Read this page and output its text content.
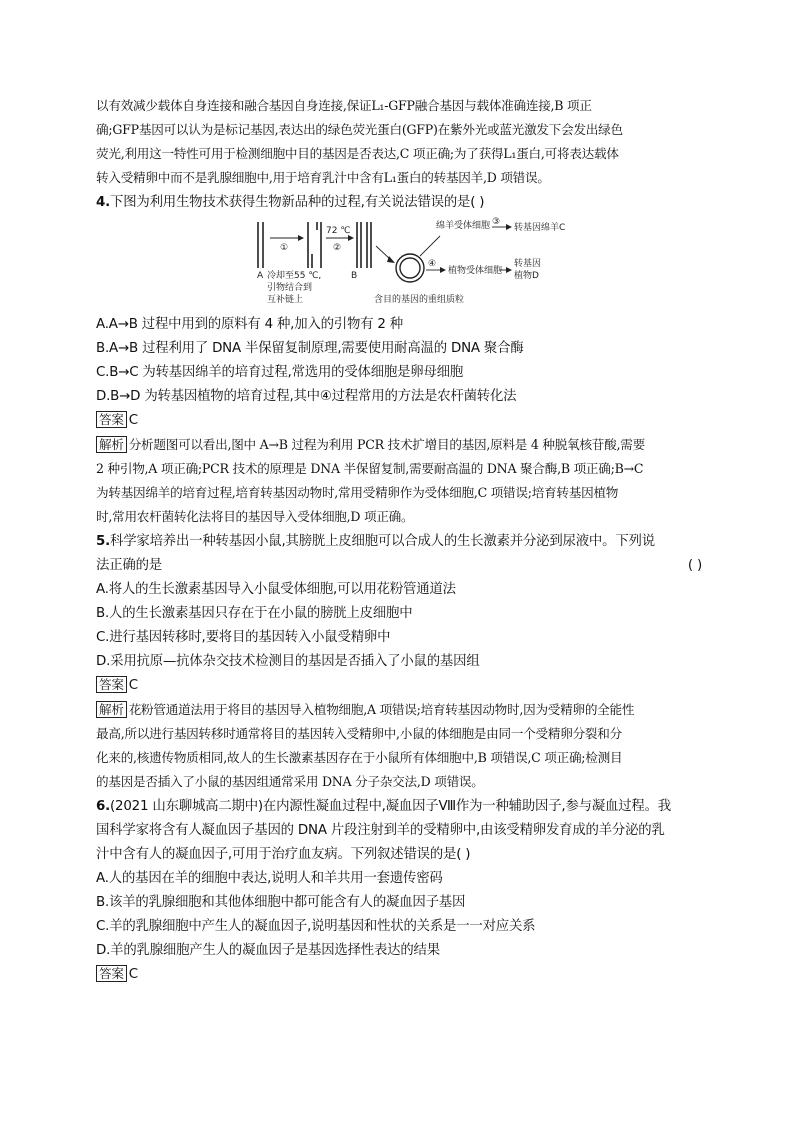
以有效减少载体自身连接和融合基因自身连接,保证L₁-GFP融合基因与载体准确连接,B 项正
确;GFP基因可以认为是标记基因,表达出的绿色荧光蛋白(GFP)在紫外光或蓝光激发下会发出绿色
荧光,利用这一特性可用于检测细胞中目的基因是否表达,C 项正确;为了获得L₁蛋白,可将表达载体
转入受精卵中而不是乳腺细胞中,用于培育乳汁中含有L₁蛋白的转基因羊,D 项错误。
4.下图为利用生物技术获得生物新品种的过程,有关说法错误的是( )
A
①
72 ℃
②
B
冷却至55 ℃,
引物结合到
互补链上	含目的基因的重组质粒
绵羊受体细胞 ③
转基因绵羊C
④
植物受体细胞
转基因
植物D
A.A→B 过程中用到的原料有 4 种,加入的引物有 2 种
B.A→B 过程利用了 DNA 半保留复制原理,需要使用耐高温的 DNA 聚合酶
C.B→C 为转基因绵羊的培育过程,常选用的受体细胞是卵母细胞
D.B→D 为转基因植物的培育过程,其中④过程常用的方法是农杆菌转化法
答案 C
解析 分析题图可以看出,图中 A→B 过程为利用 PCR 技术扩增目的基因,原料是 4 种脱氧核苷酸,需要
2 种引物,A 项正确;PCR 技术的原理是 DNA 半保留复制,需要耐高温的 DNA 聚合酶,B 项正确;B→C
为转基因绵羊的培育过程,培育转基因动物时,常用受精卵作为受体细胞,C 项错误;培育转基因植物
时,常用农杆菌转化法将目的基因导入受体细胞,D 项正确。
5.科学家培养出一种转基因小鼠,其膀胱上皮细胞可以合成人的生长激素并分泌到尿液中。下列说
法正确的是	( )
A.将人的生长激素基因导入小鼠受体细胞,可以用花粉管通道法
B.人的生长激素基因只存在于在小鼠的膀胱上皮细胞中
C.进行基因转移时,要将目的基因转入小鼠受精卵中
D.采用抗原—抗体杂交技术检测目的基因是否插入了小鼠的基因组
答案 C
解析 花粉管通道法用于将目的基因导入植物细胞,A 项错误;培育转基因动物时,因为受精卵的全能性
最高,所以进行基因转移时通常将目的基因转入受精卵中,小鼠的体细胞是由同一个受精卵分裂和分
化来的,核遗传物质相同,故人的生长激素基因存在于小鼠所有体细胞中,B 项错误,C 项正确;检测目
的基因是否插入了小鼠的基因组通常采用 DNA 分子杂交法,D 项错误。
6.(2021 山东聊城高二期中)在内源性凝血过程中,凝血因子Ⅷ作为一种辅助因子,参与凝血过程。我
国科学家将含有人凝血因子基因的 DNA 片段注射到羊的受精卵中,由该受精卵发育成的羊分泌的乳
汁中含有人的凝血因子,可用于治疗血友病。下列叙述错误的是( )
A.人的基因在羊的细胞中表达,说明人和羊共用一套遗传密码
B.该羊的乳腺细胞和其他体细胞中都可能含有人的凝血因子基因
C.羊的乳腺细胞中产生人的凝血因子,说明基因和性状的关系是一一对应关系
D.羊的乳腺细胞产生人的凝血因子是基因选择性表达的结果
答案 C
